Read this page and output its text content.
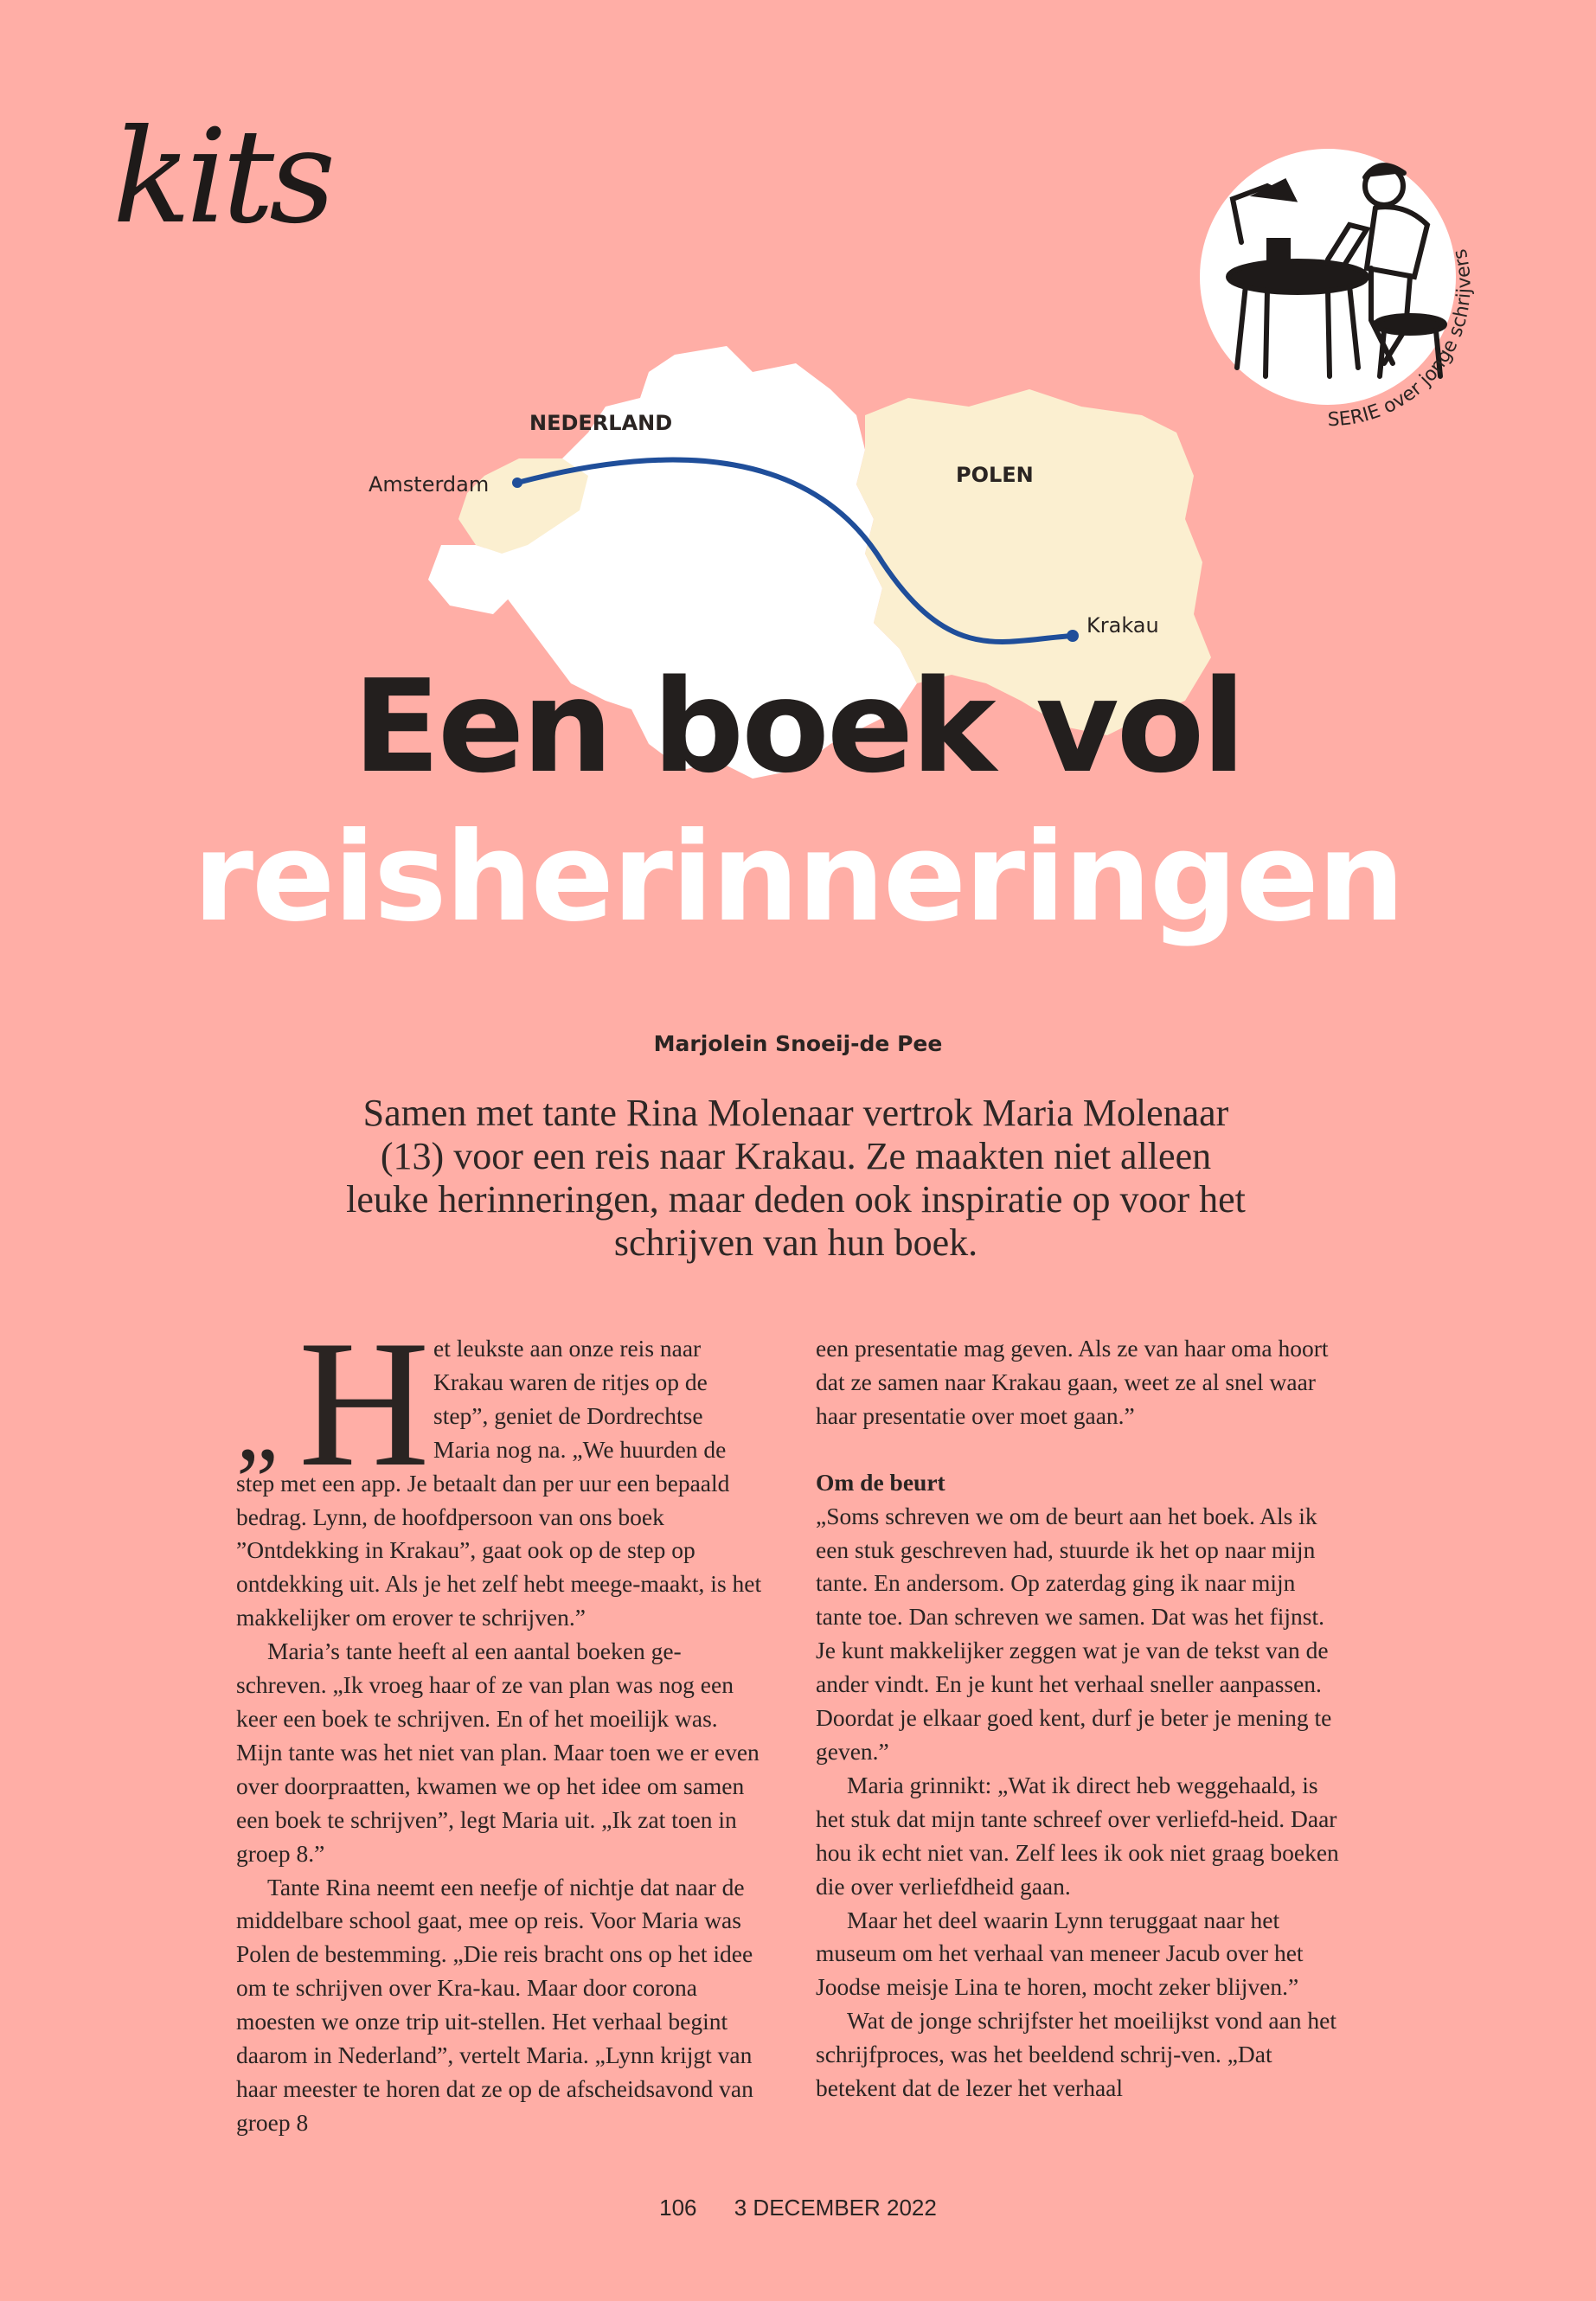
kits
NEDERLAND
POLEN
Amsterdam
Krakau
SERIE over jonge schrijvers
Een boek vol
reisherinneringen
Marjolein Snoeij-de Pee

Samen met tante Rina Molenaar vertrok Maria Molenaar (13) voor een reis naar Krakau. Ze maakten niet alleen leuke herinneringen, maar deden ook inspiratie op voor het schrijven van hun boek.

„ H et leukste aan onze reis naar Krakau waren de ritjes op de step”, geniet de Dordrechtse Maria nog na. „We huurden de step met een app. Je betaalt dan per uur een bepaald bedrag. Lynn, de hoofdpersoon van ons boek ”Ontdekking in Krakau”, gaat ook op de step op ontdekking uit. Als je het zelf hebt meege-maakt, is het makkelijker om erover te schrijven.”

Maria’s tante heeft al een aantal boeken ge-schreven. „Ik vroeg haar of ze van plan was nog een keer een boek te schrijven. En of het moeilijk was. Mijn tante was het niet van plan. Maar toen we er even over doorpraatten, kwamen we op het idee om samen een boek te schrijven”, legt Maria uit. „Ik zat toen in groep 8.”

Tante Rina neemt een neefje of nichtje dat naar de middelbare school gaat, mee op reis. Voor Maria was Polen de bestemming. „Die reis bracht ons op het idee om te schrijven over Kra-kau. Maar door corona moesten we onze trip uit-stellen. Het verhaal begint daarom in Nederland”, vertelt Maria. „Lynn krijgt van haar meester te horen dat ze op de afscheidsavond van groep 8

een presentatie mag geven. Als ze van haar oma hoort dat ze samen naar Krakau gaan, weet ze al snel waar haar presentatie over moet gaan.”

Om de beurt

„Soms schreven we om de beurt aan het boek. Als ik een stuk geschreven had, stuurde ik het op naar mijn tante. En andersom. Op zaterdag ging ik naar mijn tante toe. Dan schreven we samen. Dat was het fijnst. Je kunt makkelijker zeggen wat je van de tekst van de ander vindt. En je kunt het verhaal sneller aanpassen. Doordat je elkaar goed kent, durf je beter je mening te geven.”

Maria grinnikt: „Wat ik direct heb weggehaald, is het stuk dat mijn tante schreef over verliefd-heid. Daar hou ik echt niet van. Zelf lees ik ook niet graag boeken die over verliefdheid gaan.

Maar het deel waarin Lynn teruggaat naar het museum om het verhaal van meneer Jacub over het Joodse meisje Lina te horen, mocht zeker blijven.”

Wat de jonge schrijfster het moeilijkst vond aan het schrijfproces, was het beeldend schrij-ven. „Dat betekent dat de lezer het verhaal

106 3 DECEMBER 2022
